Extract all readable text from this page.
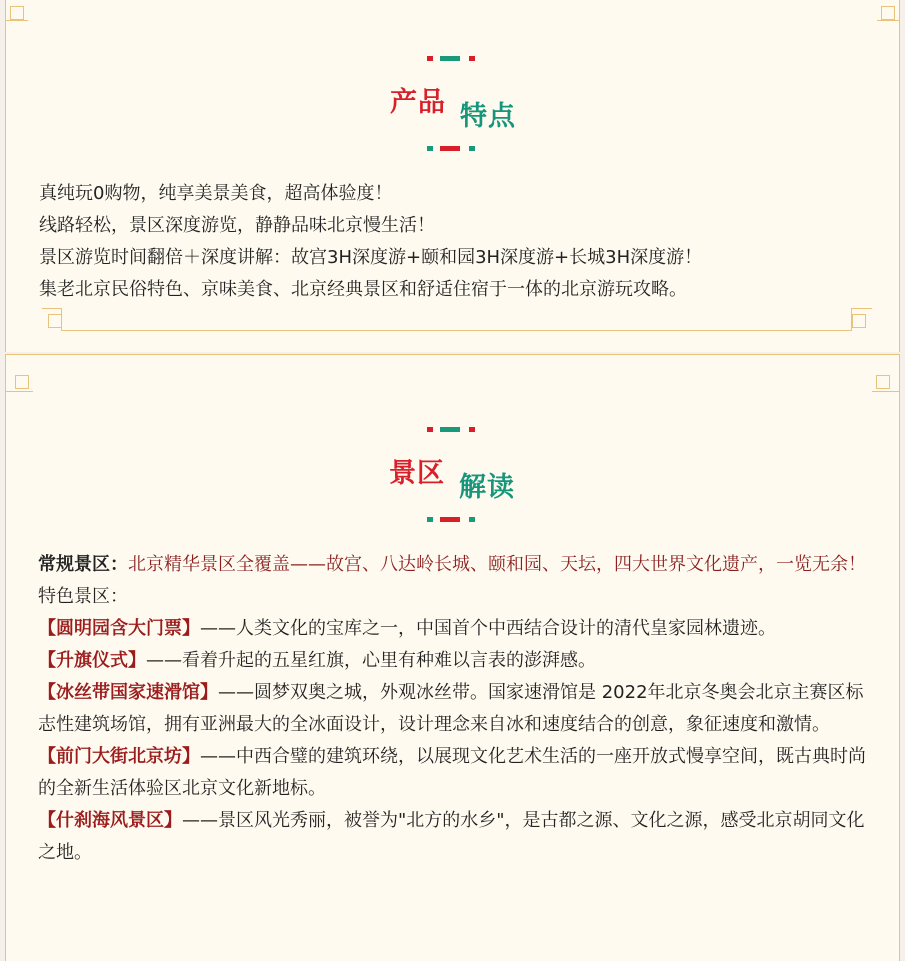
产品 特点
真纯玩0购物，纯享美景美食，超高体验度！
线路轻松，景区深度游览，静静品味北京慢生活！
景区游览时间翻倍＋深度讲解：故宫3H深度游+颐和园3H深度游+长城3H深度游！
集老北京民俗特色、京味美食、北京经典景区和舒适住宿于一体的北京游玩攻略。
景区 解读
常规景区：北京精华景区全覆盖——故宫、八达岭长城、颐和园、天坛，四大世界文化遗产，一览无余！
特色景区：
【圆明园含大门票】——人类文化的宝库之一，中国首个中西结合设计的清代皇家园林遗迹。
【升旗仪式】——看着升起的五星红旗，心里有种难以言表的澎湃感。
【冰丝带国家速滑馆】——圆梦双奥之城，外观冰丝带。国家速滑馆是 2022年北京冬奥会北京主赛区标志性建筑场馆，拥有亚洲最大的全冰面设计，设计理念来自冰和速度结合的创意，象征速度和激情。
【前门大街北京坊】——中西合璧的建筑环绕，以展现文化艺术生活的一座开放式慢享空间，既古典时尚的全新生活体验区北京文化新地标。
【什刹海风景区】——景区风光秀丽，被誉为"北方的水乡"，是古都之源、文化之源，感受北京胡同文化之地。
